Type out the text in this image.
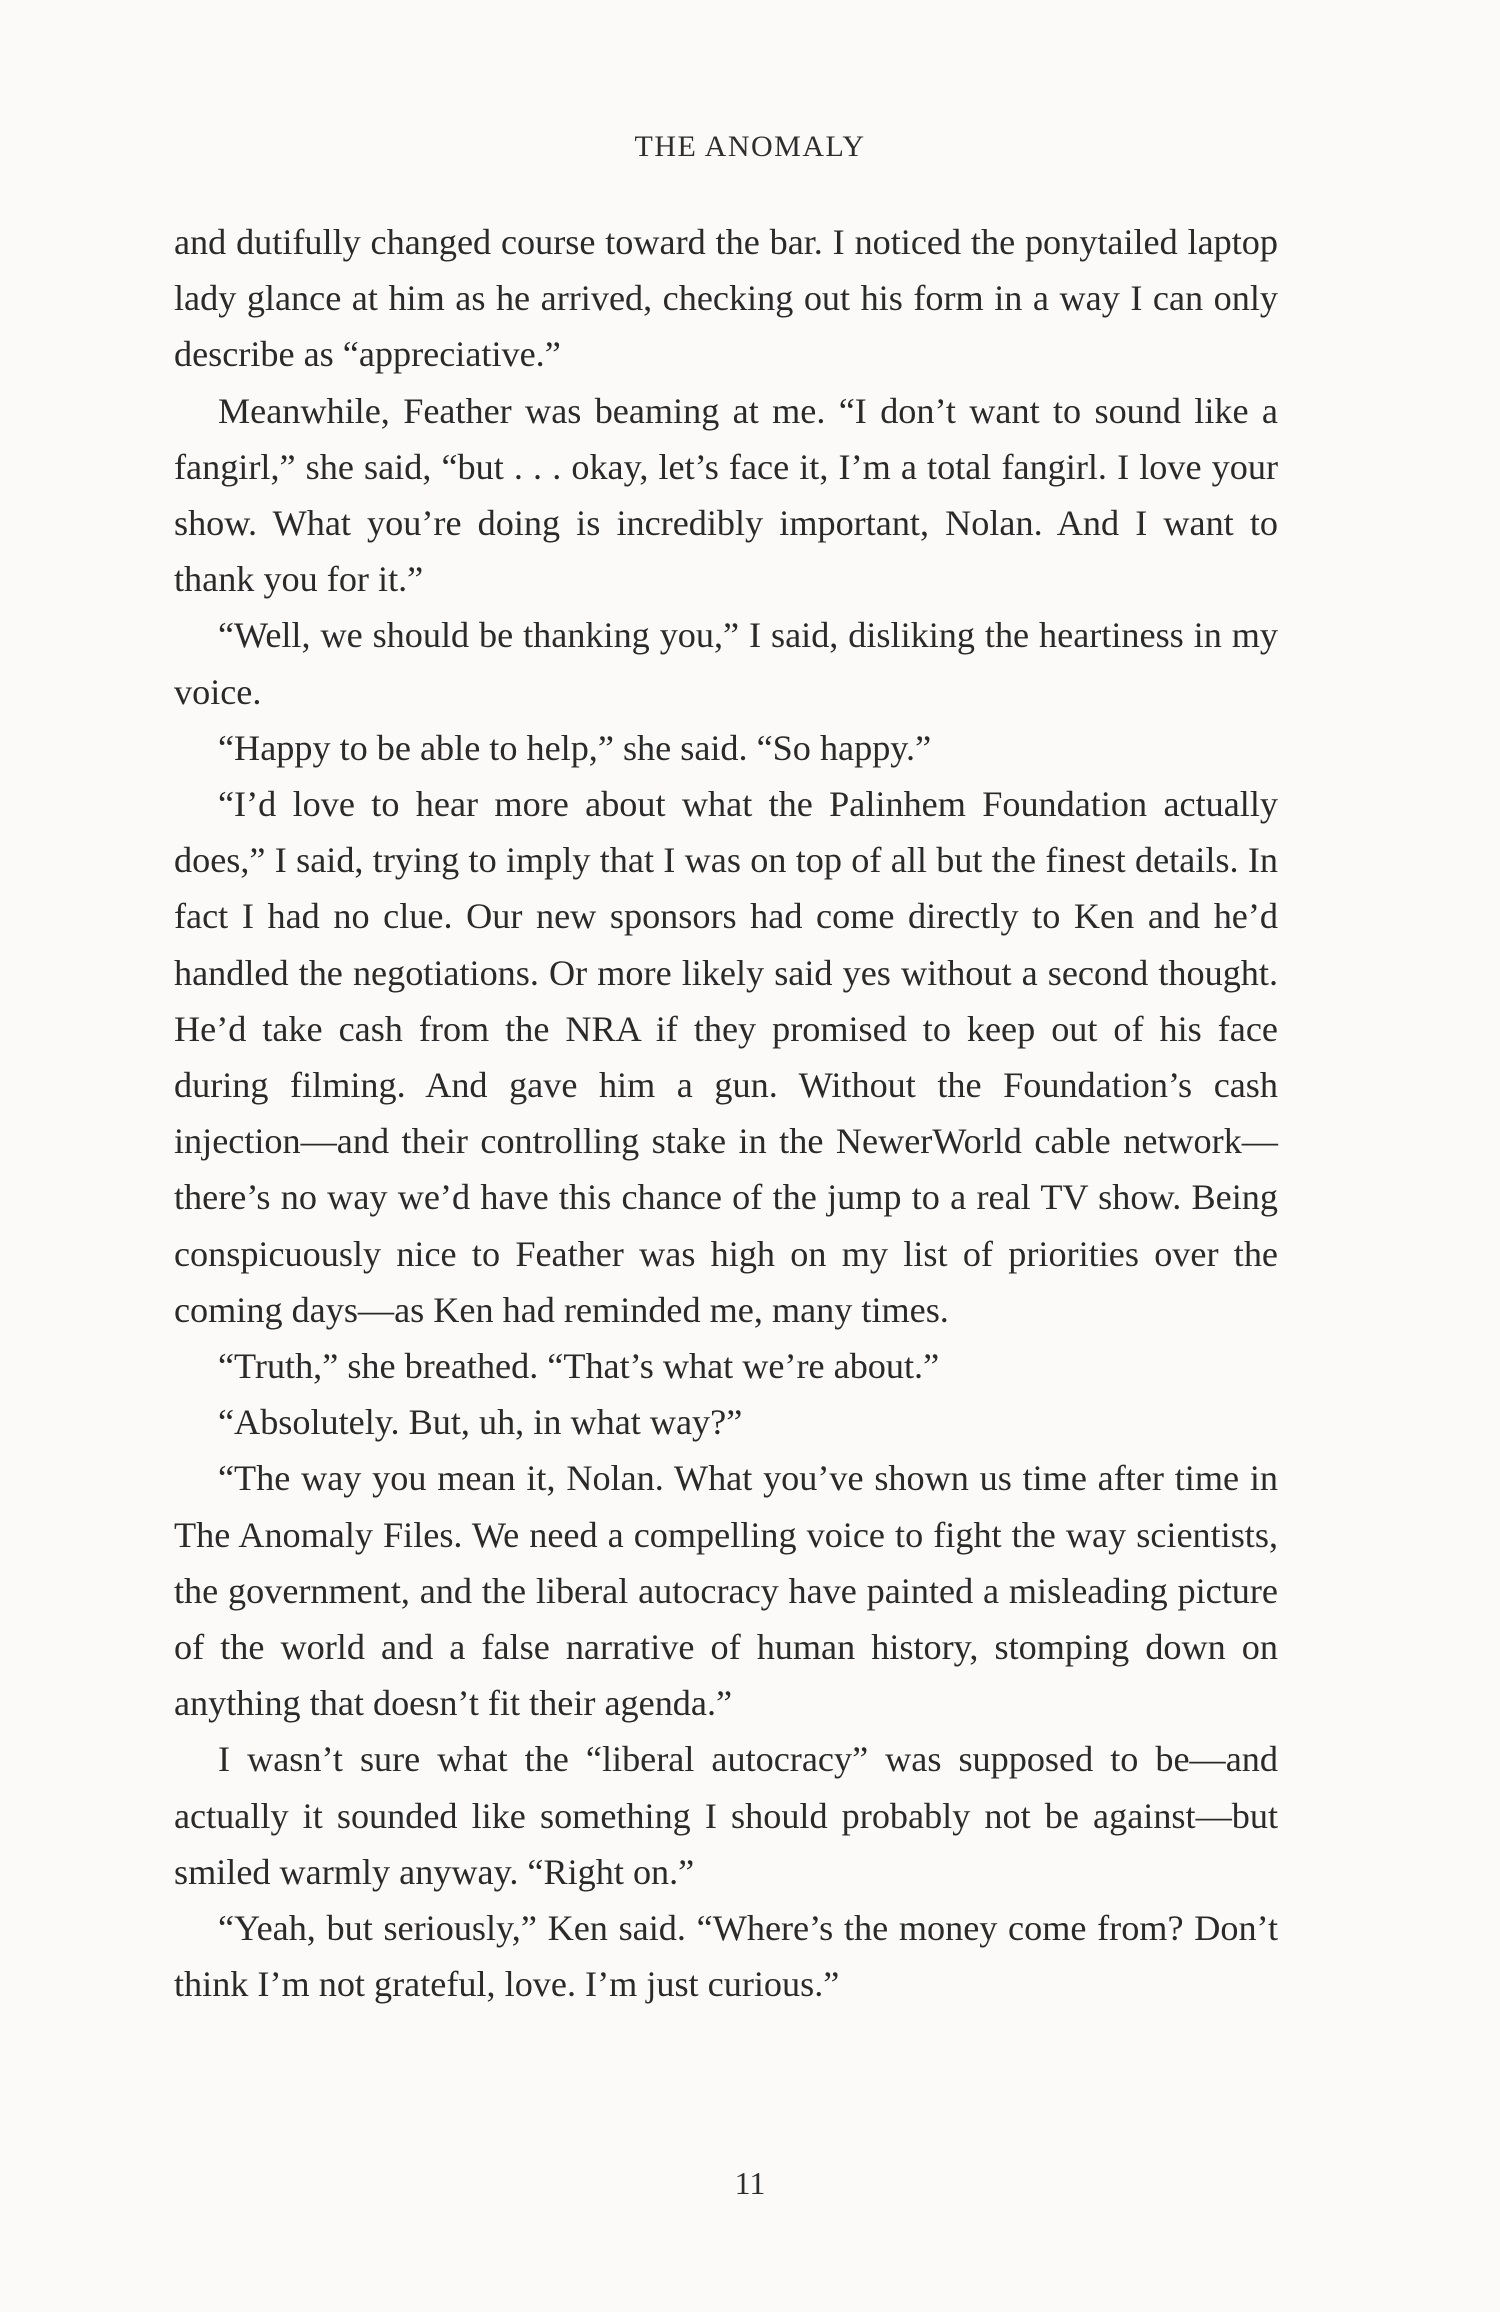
THE ANOMALY

and dutifully changed course toward the bar. I noticed the ponytailed laptop lady glance at him as he arrived, checking out his form in a way I can only describe as “appreciative.”

Meanwhile, Feather was beaming at me. “I don’t want to sound like a fangirl,” she said, “but . . . okay, let’s face it, I’m a total fangirl. I love your show. What you’re doing is incredibly important, Nolan. And I want to thank you for it.”

“Well, we should be thanking you,” I said, disliking the heartiness in my voice.

“Happy to be able to help,” she said. “So happy.”

“I’d love to hear more about what the Palinhem Foundation actually does,” I said, trying to imply that I was on top of all but the finest details. In fact I had no clue. Our new sponsors had come directly to Ken and he’d handled the negotiations. Or more likely said yes without a second thought. He’d take cash from the NRA if they promised to keep out of his face during filming. And gave him a gun. Without the Foundation’s cash injection—and their controlling stake in the NewerWorld cable network—there’s no way we’d have this chance of the jump to a real TV show. Being conspicuously nice to Feather was high on my list of priorities over the coming days—as Ken had reminded me, many times.

“Truth,” she breathed. “That’s what we’re about.”

“Absolutely. But, uh, in what way?”

“The way you mean it, Nolan. What you’ve shown us time after time in The Anomaly Files. We need a compelling voice to fight the way scientists, the government, and the liberal autocracy have painted a misleading picture of the world and a false narrative of human history, stomping down on anything that doesn’t fit their agenda.”

I wasn’t sure what the “liberal autocracy” was supposed to be—and actually it sounded like something I should probably not be against—but smiled warmly anyway. “Right on.”

“Yeah, but seriously,” Ken said. “Where’s the money come from? Don’t think I’m not grateful, love. I’m just curious.”

11
